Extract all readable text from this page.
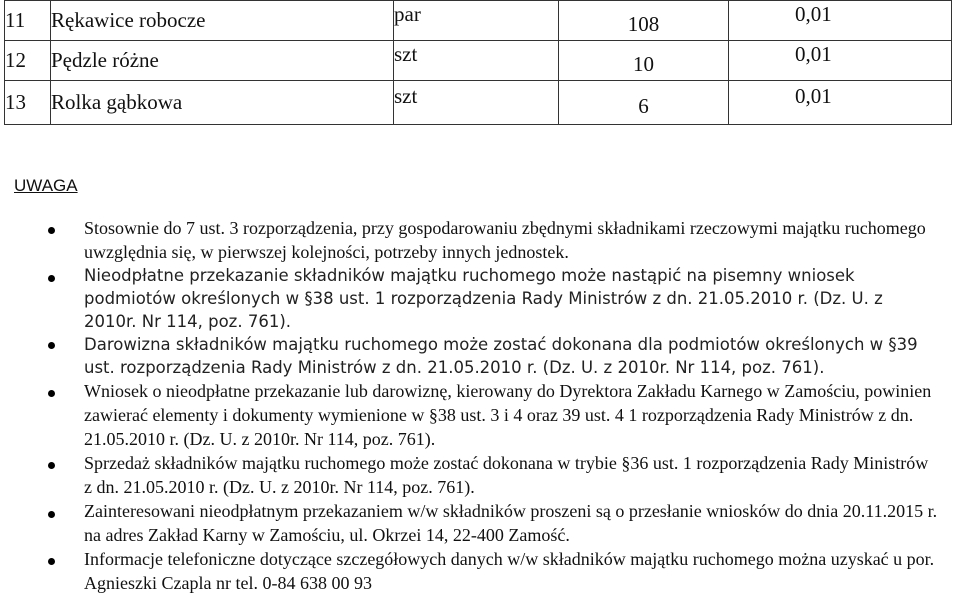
11	Rękawice robocze	par	108	0,01
12	Pędzle różne	szt	10	0,01
13	Rolka gąbkowa	szt	6	0,01
UWAGA
Stosownie do 7 ust. 3 rozporządzenia, przy gospodarowaniu zbędnymi składnikami rzeczowymi majątku ruchomego uwzględnia się, w pierwszej kolejności, potrzeby innych jednostek.
Nieodpłatne przekazanie składników majątku ruchomego może nastąpić na pisemny wniosek podmiotów określonych w §38 ust. 1 rozporządzenia Rady Ministrów z dn. 21.05.2010 r. (Dz. U. z 2010r. Nr 114, poz. 761).
Darowizna składników majątku ruchomego może zostać dokonana dla podmiotów określonych w §39 ust. rozporządzenia Rady Ministrów z dn. 21.05.2010 r. (Dz. U. z 2010r. Nr 114, poz. 761).
Wniosek o nieodpłatne przekazanie lub darowiznę, kierowany do Dyrektora Zakładu Karnego w Zamościu, powinien zawierać elementy i dokumenty wymienione w §38 ust. 3 i 4 oraz 39 ust. 4 1 rozporządzenia Rady Ministrów z dn. 21.05.2010 r. (Dz. U. z 2010r. Nr 114, poz. 761).
Sprzedaż składników majątku ruchomego może zostać dokonana w trybie §36 ust. 1 rozporządzenia Rady Ministrów z dn. 21.05.2010 r. (Dz. U. z 2010r. Nr 114, poz. 761).
Zainteresowani nieodpłatnym przekazaniem w/w składników proszeni są o przesłanie wniosków do dnia 20.11.2015 r. na adres Zakład Karny w Zamościu, ul. Okrzei 14, 22-400 Zamość.
Informacje telefoniczne dotyczące szczegółowych danych w/w składników majątku ruchomego można uzyskać u por. Agnieszki Czapla nr tel. 0-84 638 00 93
